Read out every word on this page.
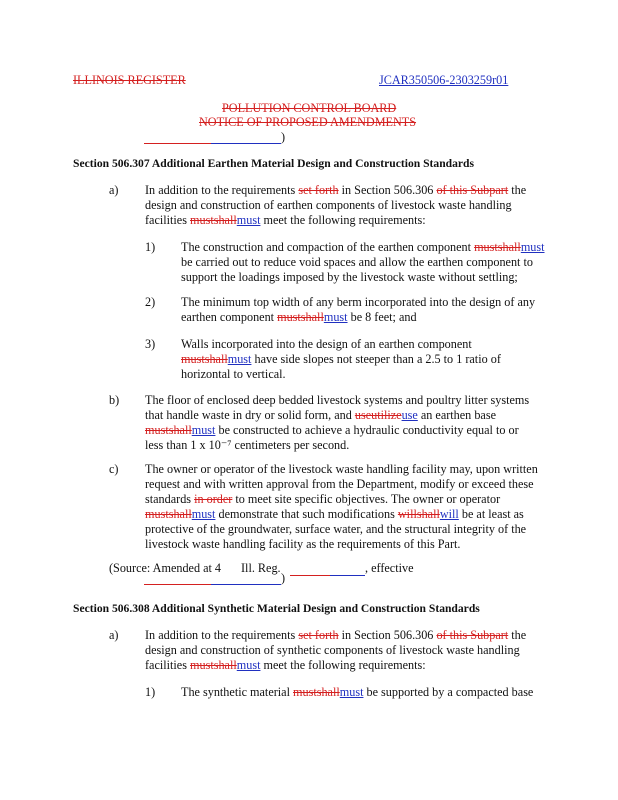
ILLINOIS REGISTER	JCAR350506-2303259r01
POLLUTION CONTROL BOARD
NOTICE OF PROPOSED AMENDMENTS
)
Section 506.307 Additional Earthen Material Design and Construction Standards
a) In addition to the requirements set forth in Section 506.306 of this Subpart the
design and construction of earthen components of livestock waste handling
facilities mustshallmust meet the following requirements:
1) The construction and compaction of the earthen component mustshallmust
be carried out to reduce void spaces and allow the earthen component to
support the loadings imposed by the livestock waste without settling;
2) The minimum top width of any berm incorporated into the design of any
earthen component mustshallmust be 8 feet; and
3) Walls incorporated into the design of an earthen component
mustshallmust have side slopes not steeper than a 2.5 to 1 ratio of
horizontal to vertical.
b) The floor of enclosed deep bedded livestock systems and poultry litter systems
that handle waste in dry or solid form, and useutilizeuse an earthen base
mustshallmust be constructed to achieve a hydraulic conductivity equal to or
less than 1 x 10⁻⁷ centimeters per second.
c) The owner or operator of the livestock waste handling facility may, upon written
request and with written approval from the Department, modify or exceed these
standards in order to meet site specific objectives. The owner or operator
mustshallmust demonstrate that such modifications willshallwill be at least as
protective of the groundwater, surface water, and the structural integrity of the
livestock waste handling facility as the requirements of this Part.
(Source: Amended at 4 Ill. Reg.	, effective
)
Section 506.308 Additional Synthetic Material Design and Construction Standards
a) In addition to the requirements set forth in Section 506.306 of this Subpart the
design and construction of synthetic components of livestock waste handling
facilities mustshallmust meet the following requirements:
1) The synthetic material mustshallmust be supported by a compacted base
